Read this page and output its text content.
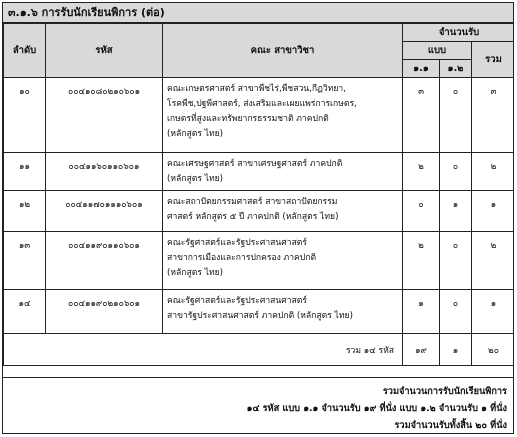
๓.๑.๖ การรับนักเรียนพิการ (ต่อ)
ลำดับ	รหัส	คณะ สาขาวิชา	จำนวนรับ		
			แบบ		รวม
			๑.๑	๑.๒	
๑๐	๐๐๔๑๐๘๐๒๑๐๖๐๑	คณะเกษตรศาสตร์ สาขาพืชไร่,พืชสวน,กีฏวิทยา,
โรคพืช,ปฐพีศาสตร์, ส่งเสริมและเผยแพร่การเกษตร,
เกษตรที่สูงและทรัพยากรธรรมชาติ ภาคปกติ
(หลักสูตร ไทย)	๓	๐	๓
๑๑	๐๐๔๑๑๖๐๑๑๐๖๐๑	คณะเศรษฐศาสตร์ สาขาเศรษฐศาสตร์ ภาคปกติ
(หลักสูตร ไทย)	๒	๐	๒
๑๒	๐๐๔๑๑๗๐๑๑๑๐๖๐๑	คณะสถาปัตยกรรมศาสตร์ สาขาสถาปัตยกรรม
ศาสตร์ หลักสูตร ๕ ปี ภาคปกติ (หลักสูตร ไทย)	๐	๑	๑
๑๓	๐๐๔๑๑๙๐๑๑๐๖๐๑	คณะรัฐศาสตร์และรัฐประศาสนศาสตร์
สาขาการเมืองและการปกครอง ภาคปกติ
(หลักสูตร ไทย)	๒	๐	๒
๑๔	๐๐๔๑๑๙๐๒๑๐๖๐๑	คณะรัฐศาสตร์และรัฐประศาสนศาสตร์
สาขารัฐประศาสนศาสตร์ ภาคปกติ (หลักสูตร ไทย)	๑	๐	๑
รวม ๑๔ รหัส			๑๙	๑	๒๐
รวมจำนวนการรับนักเรียนพิการ
๑๔ รหัส แบบ ๑.๑ จำนวนรับ ๑๙ ที่นั่ง แบบ ๑.๒ จำนวนรับ ๑ ที่นั่ง
รวมจำนวนรับทั้งสิ้น ๒๐ ที่นั่ง
